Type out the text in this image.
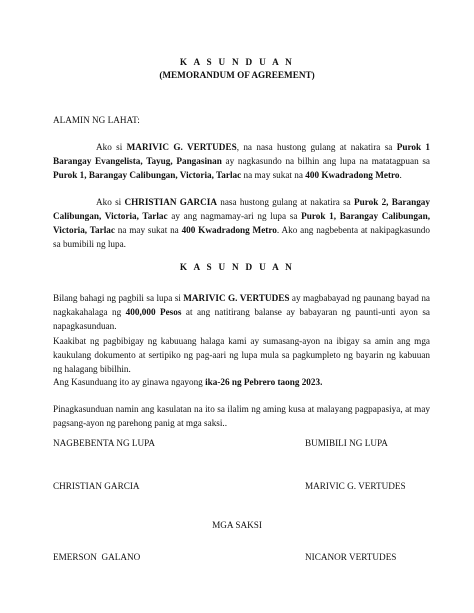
K A S U N D U A N
(MEMORANDUM OF AGREEMENT)
ALAMIN NG LAHAT:
Ako si MARIVIC G. VERTUDES, na nasa hustong gulang at nakatira sa Purok 1 Barangay Evangelista, Tayug, Pangasinan ay nagkasundo na bilhin ang lupa na matatagpuan sa Purok 1, Barangay Calibungan, Victoria, Tarlac na may sukat na 400 Kwadradong Metro.
Ako si CHRISTIAN GARCIA nasa hustong gulang at nakatira sa Purok 2, Barangay Calibungan, Victoria, Tarlac ay ang nagmamay-ari ng lupa sa Purok 1, Barangay Calibungan, Victoria, Tarlac na may sukat na 400 Kwadradong Metro. Ako ang nagbebenta at nakipagkasundo sa bumibili ng lupa.
K A S U N D U A N
Bilang bahagi ng pagbili sa lupa si MARIVIC G. VERTUDES ay magbabayad ng paunang bayad na nagkakahalaga ng 400,000 Pesos at ang natitirang balanse ay babayaran ng paunti-unti ayon sa napagkasunduan.
Kaakibat ng pagbibigay ng kabuuang halaga kami ay sumasang-ayon na ibigay sa amin ang mga kaukulang dokumento at sertipiko ng pag-aari ng lupa mula sa pagkumpleto ng bayarin ng kabuuan ng halagang bibilhin.
Ang Kasunduang ito ay ginawa ngayong ika-26 ng Pebrero taong 2023.
Pinagkasunduan namin ang kasulatan na ito sa ilalim ng aming kusa at malayang pagpapasiya, at may pagsang-ayon ng parehong panig at mga saksi..
NAGBEBENTA NG LUPA	BUMIBILI NG LUPA
CHRISTIAN GARCIA	MARIVIC G. VERTUDES
MGA SAKSI
EMERSON  GALANO	NICANOR VERTUDES
